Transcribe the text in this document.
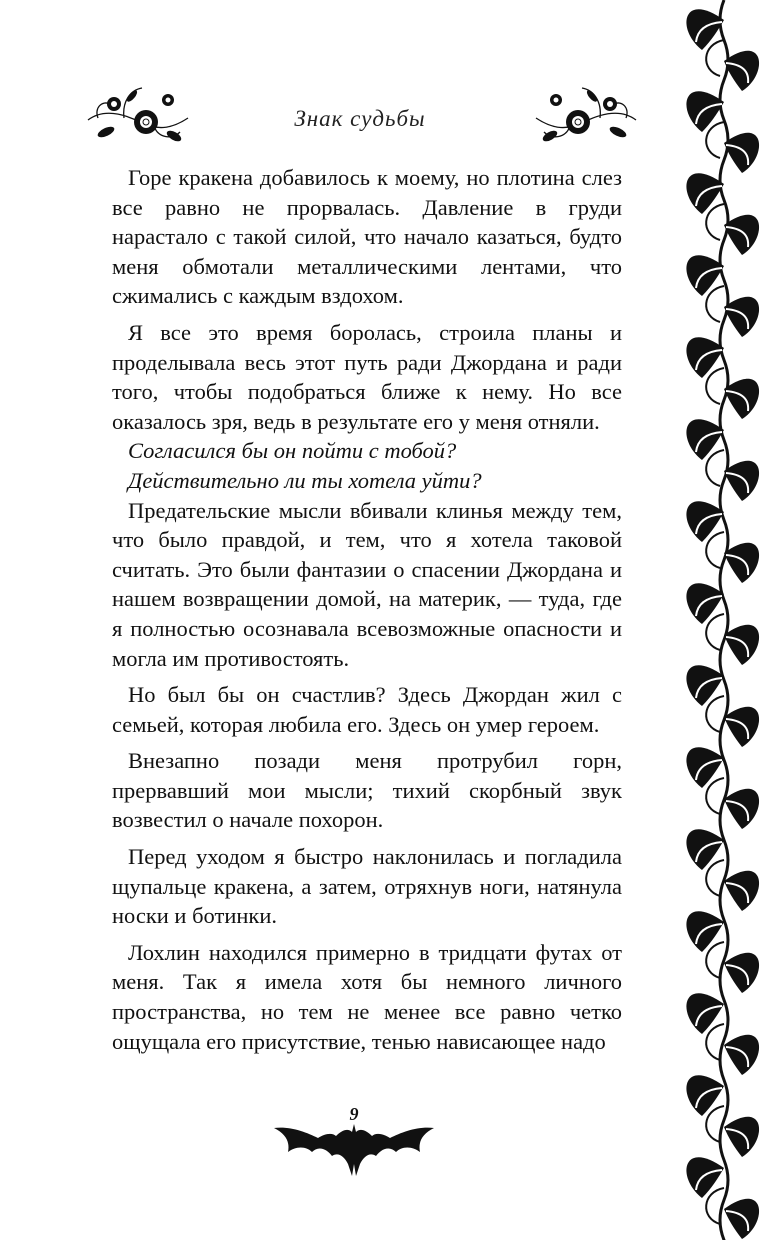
Знак судьбы

Горе кракена добавилось к моему, но плотина слез все равно не прорвалась. Давление в груди нарастало с такой силой, что начало казаться, будто меня обмотали металлическими лентами, что сжимались с каждым вздохом.

Я все это время боролась, строила планы и проделывала весь этот путь ради Джордана и ради того, чтобы подобраться ближе к нему. Но все оказалось зря, ведь в результате его у меня отняли.

Согласился бы он пойти с тобой?

Действительно ли ты хотела уйти?

Предательские мысли вбивали клинья между тем, что было правдой, и тем, что я хотела таковой считать. Это были фантазии о спасении Джордана и нашем возвращении домой, на материк, — туда, где я полностью осознавала всевозможные опасности и могла им противостоять.

Но был бы он счастлив? Здесь Джордан жил с семьей, которая любила его. Здесь он умер героем.

Внезапно позади меня протрубил горн, прервавший мои мысли; тихий скорбный звук возвестил о начале похорон.

Перед уходом я быстро наклонилась и погладила щупальце кракена, а затем, отряхнув ноги, натянула носки и ботинки.

Лохлин находился примерно в тридцати футах от меня. Так я имела хотя бы немного личного пространства, но тем не менее все равно четко ощущала его присутствие, тенью нависающее надо

9
